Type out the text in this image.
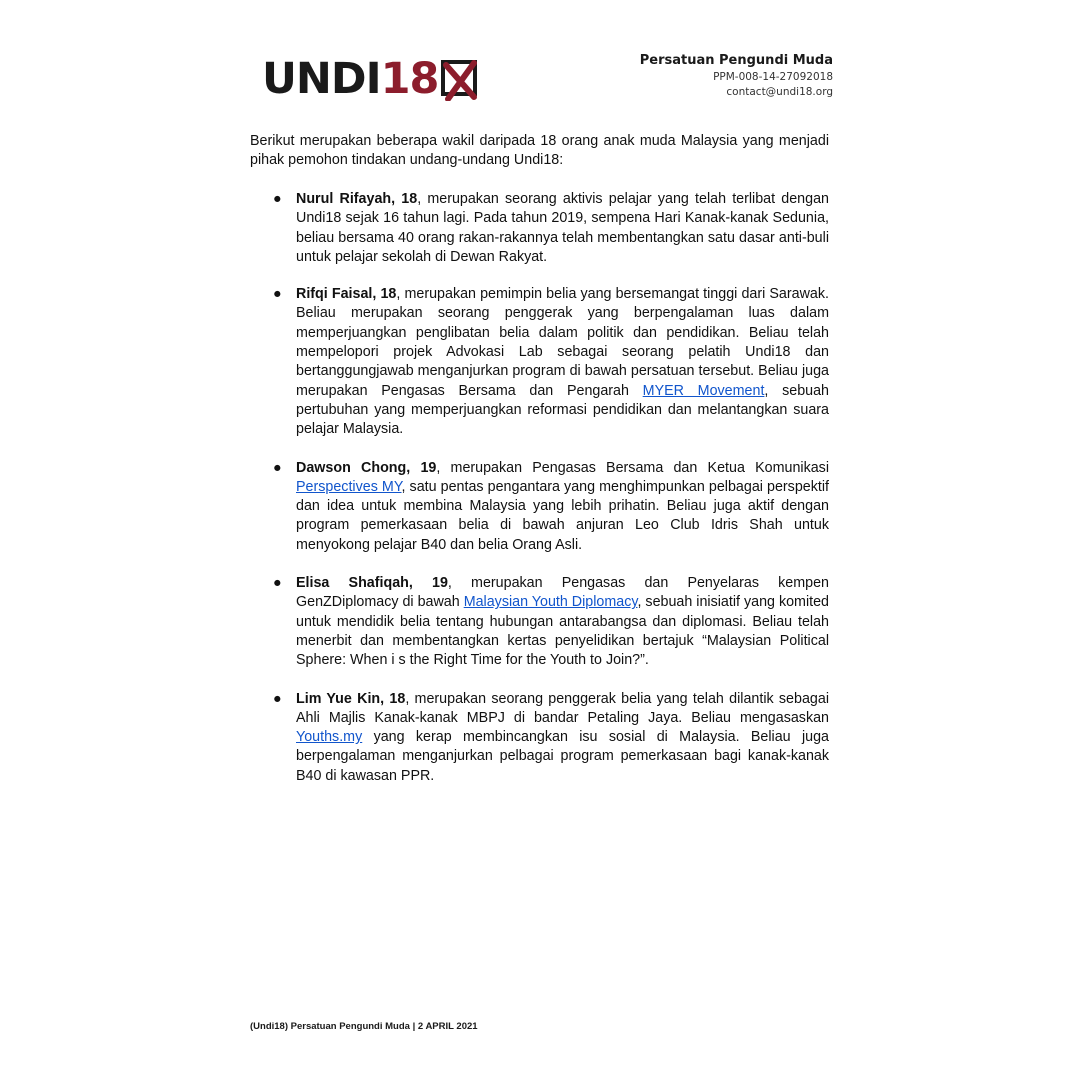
UNDI 18	Persatuan Pengundi Muda
PPM-008-14-27092018
contact@undi18.org

Berikut merupakan beberapa wakil daripada 18 orang anak muda Malaysia yang menjadi pihak pemohon tindakan undang-undang Undi18:

● Nurul Rifayah, 18, merupakan seorang aktivis pelajar yang telah terlibat dengan Undi18 sejak 16 tahun lagi. Pada tahun 2019, sempena Hari Kanak-kanak Sedunia, beliau bersama 40 orang rakan-rakannya telah membentangkan satu dasar anti-buli untuk pelajar sekolah di Dewan Rakyat.
● Rifqi Faisal, 18, merupakan pemimpin belia yang bersemangat tinggi dari Sarawak. Beliau merupakan seorang penggerak yang berpengalaman luas dalam memperjuangkan penglibatan belia dalam politik dan pendidikan. Beliau telah mempelopori projek Advokasi Lab sebagai seorang pelatih Undi18 dan bertanggungjawab menganjurkan program di bawah persatuan tersebut. Beliau juga merupakan Pengasas Bersama dan Pengarah MYER Movement, sebuah pertubuhan yang memperjuangkan reformasi pendidikan dan melantangkan suara pelajar Malaysia.
● Dawson Chong, 19, merupakan Pengasas Bersama dan Ketua Komunikasi Perspectives MY, satu pentas pengantara yang menghimpunkan pelbagai perspektif dan idea untuk membina Malaysia yang lebih prihatin. Beliau juga aktif dengan program pemerkasaan belia di bawah anjuran Leo Club Idris Shah untuk menyokong pelajar B40 dan belia Orang Asli.
● Elisa Shafiqah, 19, merupakan Pengasas dan Penyelaras kempen GenZDiplomacy di bawah Malaysian Youth Diplomacy, sebuah inisiatif yang komited untuk mendidik belia tentang hubungan antarabangsa dan diplomasi. Beliau telah menerbit dan membentangkan kertas penyelidikan bertajuk “Malaysian Political Sphere: When i s the Right Time for the Youth to Join?”.
● Lim Yue Kin, 18, merupakan seorang penggerak belia yang telah dilantik sebagai Ahli Majlis Kanak-kanak MBPJ di bandar Petaling Jaya. Beliau mengasaskan Youths.my yang kerap membincangkan isu sosial di Malaysia. Beliau juga berpengalaman menganjurkan pelbagai program pemerkasaan bagi kanak-kanak B40 di kawasan PPR.
(Undi18) Persatuan Pengundi Muda | 2 APRIL 2021
